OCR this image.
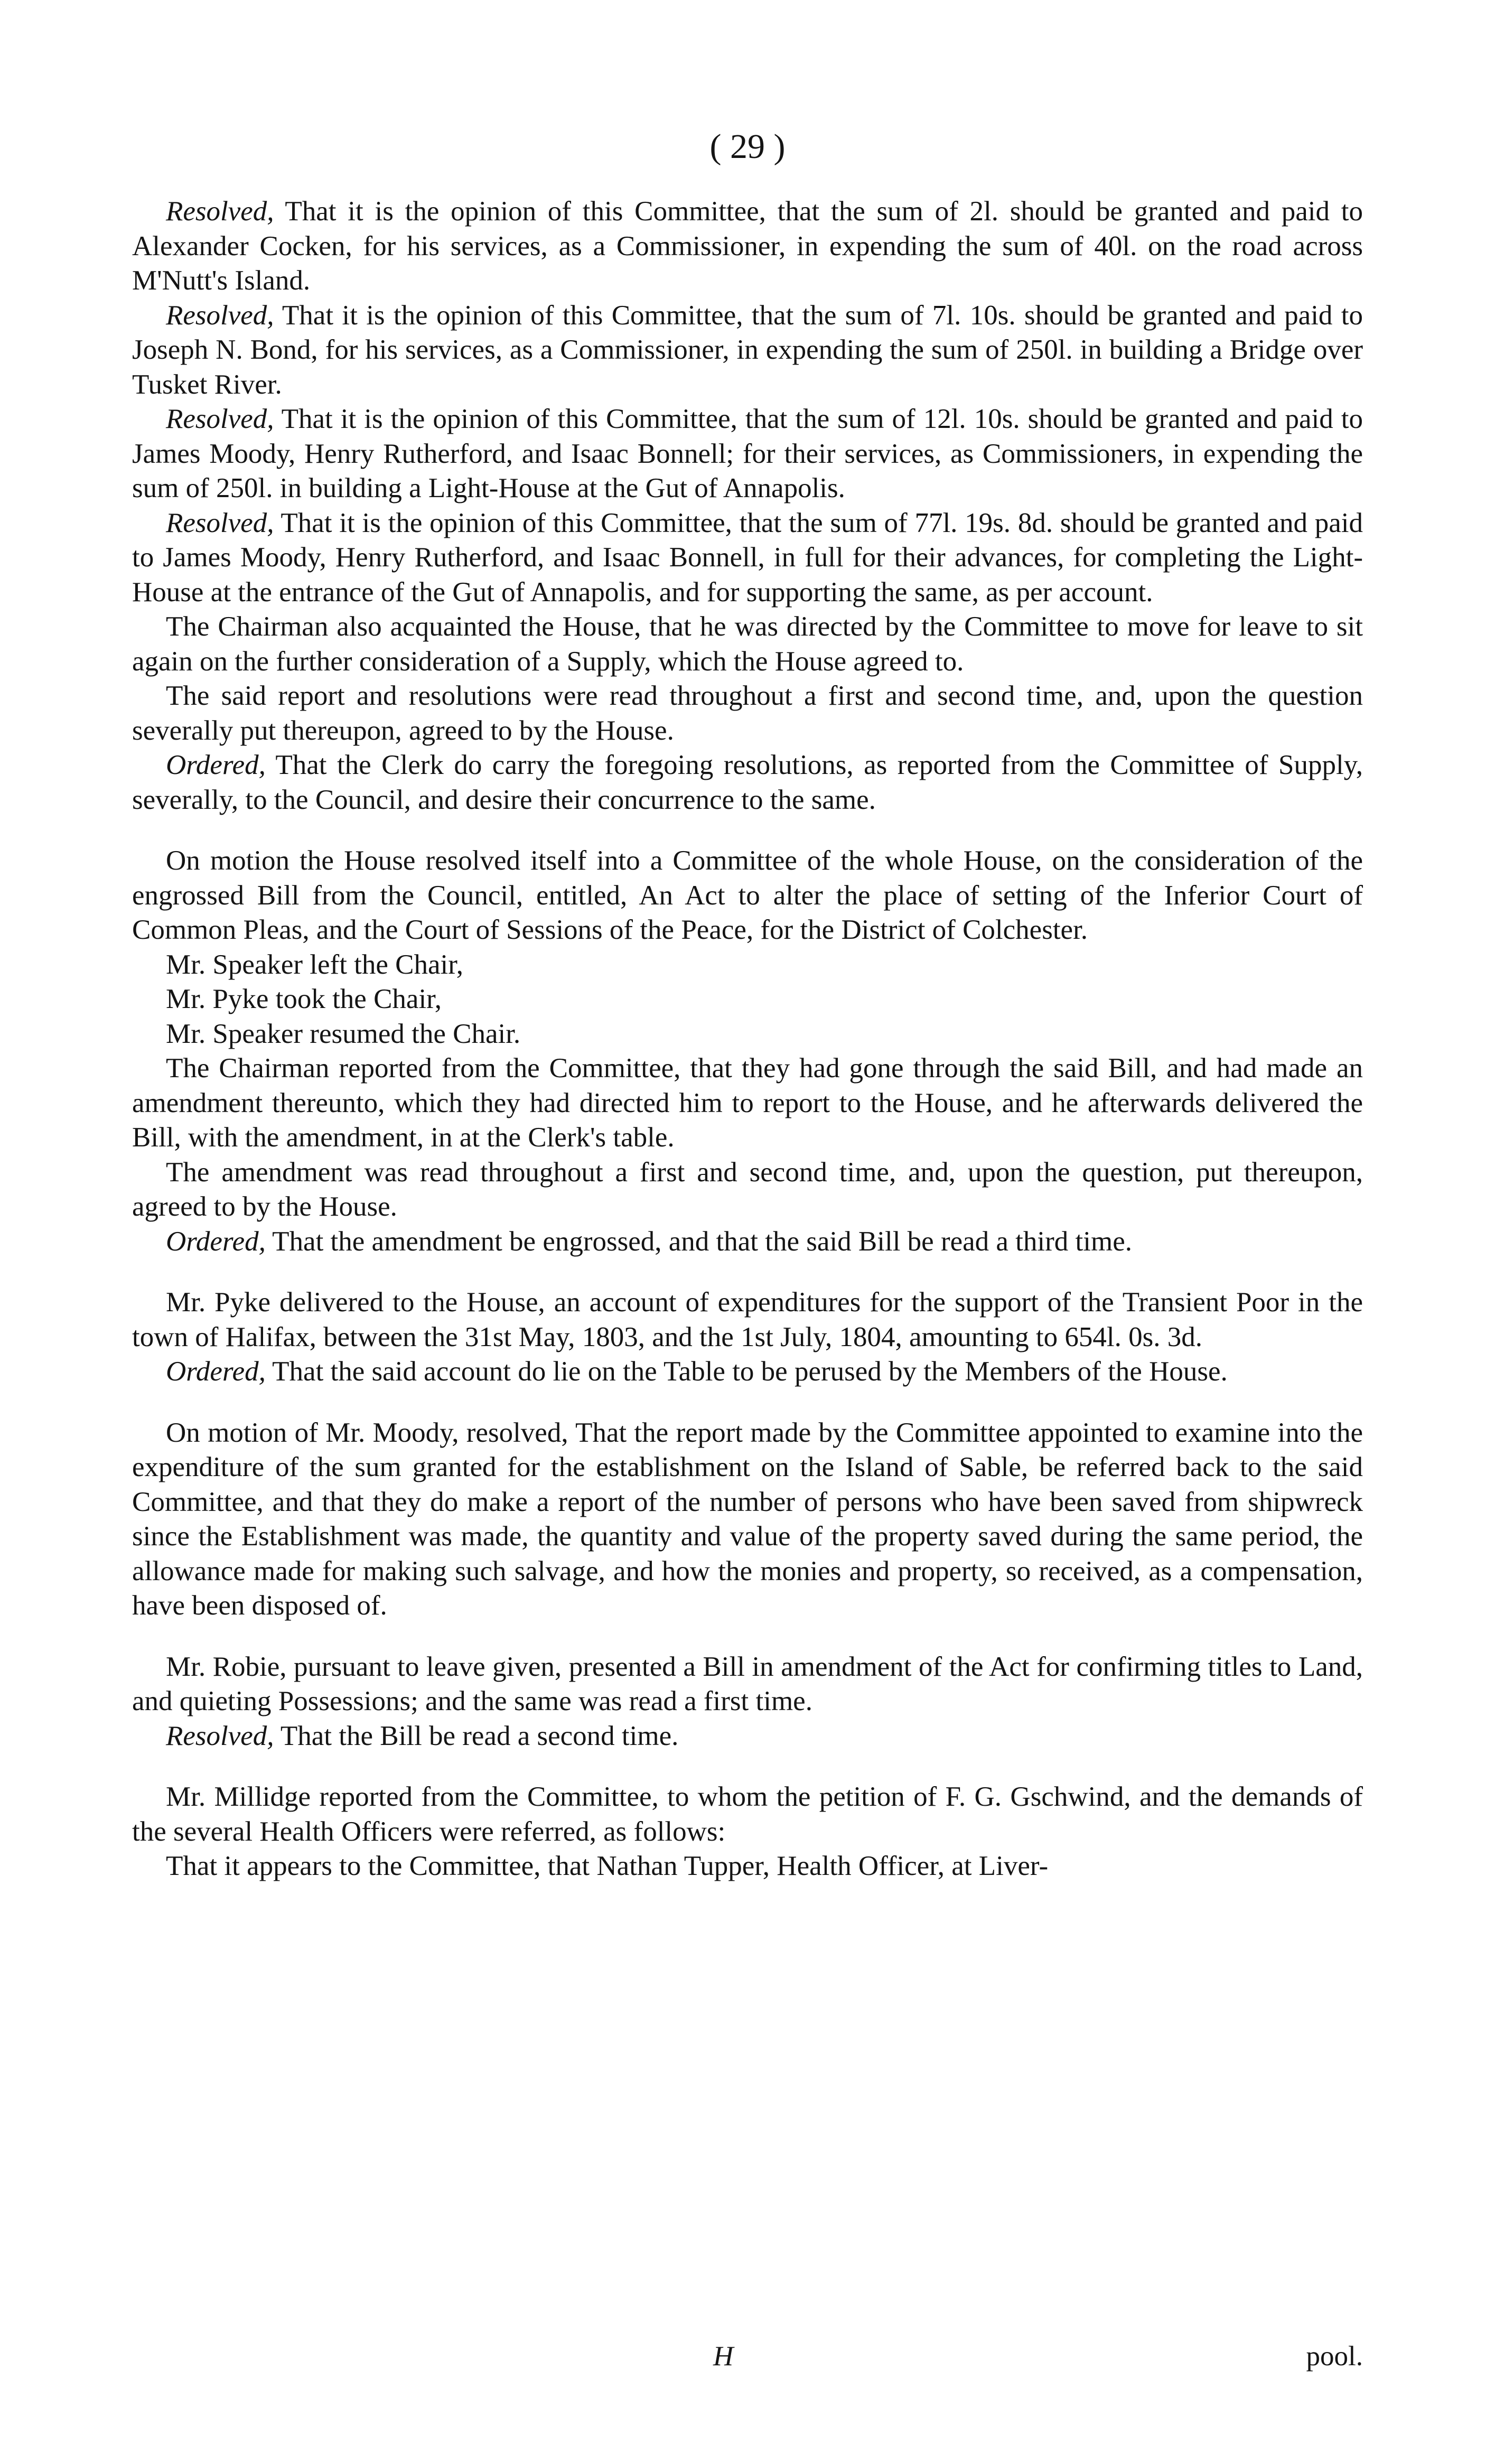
( 29 )

Resolved, That it is the opinion of this Committee, that the sum of 2l. should be granted and paid to Alexander Cocken, for his services, as a Commissioner, in expending the sum of 40l. on the road across M'Nutt's Island.

Resolved, That it is the opinion of this Committee, that the sum of 7l. 10s. should be granted and paid to Joseph N. Bond, for his services, as a Commissioner, in expending the sum of 250l. in building a Bridge over Tusket River.

Resolved, That it is the opinion of this Committee, that the sum of 12l. 10s. should be granted and paid to James Moody, Henry Rutherford, and Isaac Bonnell; for their services, as Commissioners, in expending the sum of 250l. in building a Light-House at the Gut of Annapolis.

Resolved, That it is the opinion of this Committee, that the sum of 77l. 19s. 8d. should be granted and paid to James Moody, Henry Rutherford, and Isaac Bonnell, in full for their advances, for completing the Light-House at the entrance of the Gut of Annapolis, and for supporting the same, as per account.

The Chairman also acquainted the House, that he was directed by the Committee to move for leave to sit again on the further consideration of a Supply, which the House agreed to.

The said report and resolutions were read throughout a first and second time, and, upon the question severally put thereupon, agreed to by the House.

Ordered, That the Clerk do carry the foregoing resolutions, as reported from the Committee of Supply, severally, to the Council, and desire their concurrence to the same.

On motion the House resolved itself into a Committee of the whole House, on the consideration of the engrossed Bill from the Council, entitled, An Act to alter the place of setting of the Inferior Court of Common Pleas, and the Court of Sessions of the Peace, for the District of Colchester.

Mr. Speaker left the Chair,

Mr. Pyke took the Chair,

Mr. Speaker resumed the Chair.

The Chairman reported from the Committee, that they had gone through the said Bill, and had made an amendment thereunto, which they had directed him to report to the House, and he afterwards delivered the Bill, with the amendment, in at the Clerk's table.

The amendment was read throughout a first and second time, and, upon the question, put thereupon, agreed to by the House.

Ordered, That the amendment be engrossed, and that the said Bill be read a third time.

Mr. Pyke delivered to the House, an account of expenditures for the support of the Transient Poor in the town of Halifax, between the 31st May, 1803, and the 1st July, 1804, amounting to 654l. 0s. 3d.

Ordered, That the said account do lie on the Table to be perused by the Members of the House.

On motion of Mr. Moody, resolved, That the report made by the Committee appointed to examine into the expenditure of the sum granted for the establishment on the Island of Sable, be referred back to the said Committee, and that they do make a report of the number of persons who have been saved from shipwreck since the Establishment was made, the quantity and value of the property saved during the same period, the allowance made for making such salvage, and how the monies and property, so received, as a compensation, have been disposed of.

Mr. Robie, pursuant to leave given, presented a Bill in amendment of the Act for confirming titles to Land, and quieting Possessions; and the same was read a first time.

Resolved, That the Bill be read a second time.

Mr. Millidge reported from the Committee, to whom the petition of F. G. Gschwind, and the demands of the several Health Officers were referred, as follows:

That it appears to the Committee, that Nathan Tupper, Health Officer, at Liver-

H	pool.
